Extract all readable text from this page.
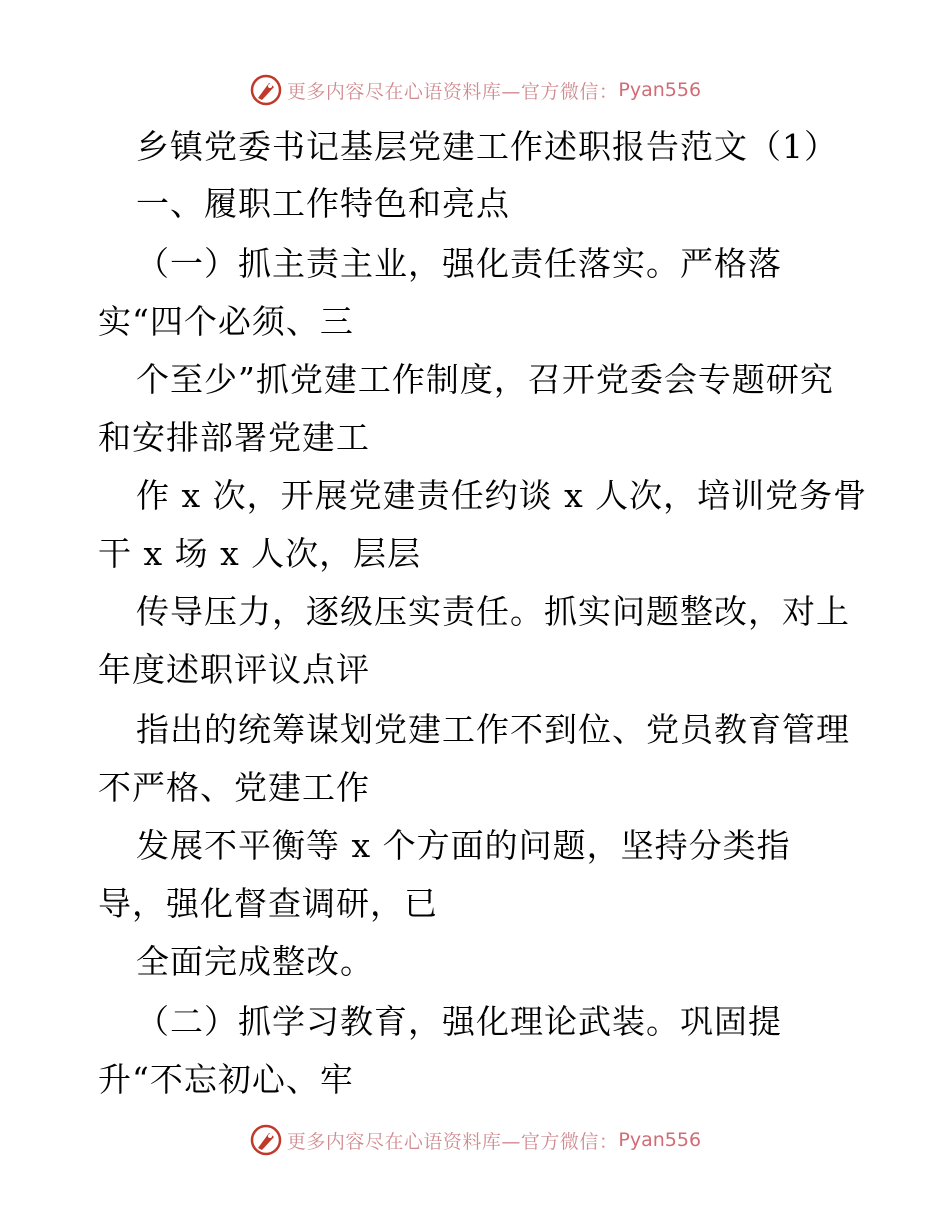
更多内容尽在心语资料库—官方微信： Pyan556
乡镇党委书记基层党建工作述职报告范文（1）
一、履职工作特色和亮点
（一）抓主责主业，强化责任落实。严格落
实“四个必须、三
个至少”抓党建工作制度，召开党委会专题研究
和安排部署党建工
作 x 次，开展党建责任约谈 x 人次，培训党务骨
干 x 场 x 人次，层层
传导压力，逐级压实责任。抓实问题整改，对上
年度述职评议点评
指出的统筹谋划党建工作不到位、党员教育管理
不严格、党建工作
发展不平衡等 x 个方面的问题，坚持分类指
导，强化督查调研，已
全面完成整改。
（二）抓学习教育，强化理论武装。巩固提
升“不忘初心、牢
更多内容尽在心语资料库—官方微信： Pyan556
